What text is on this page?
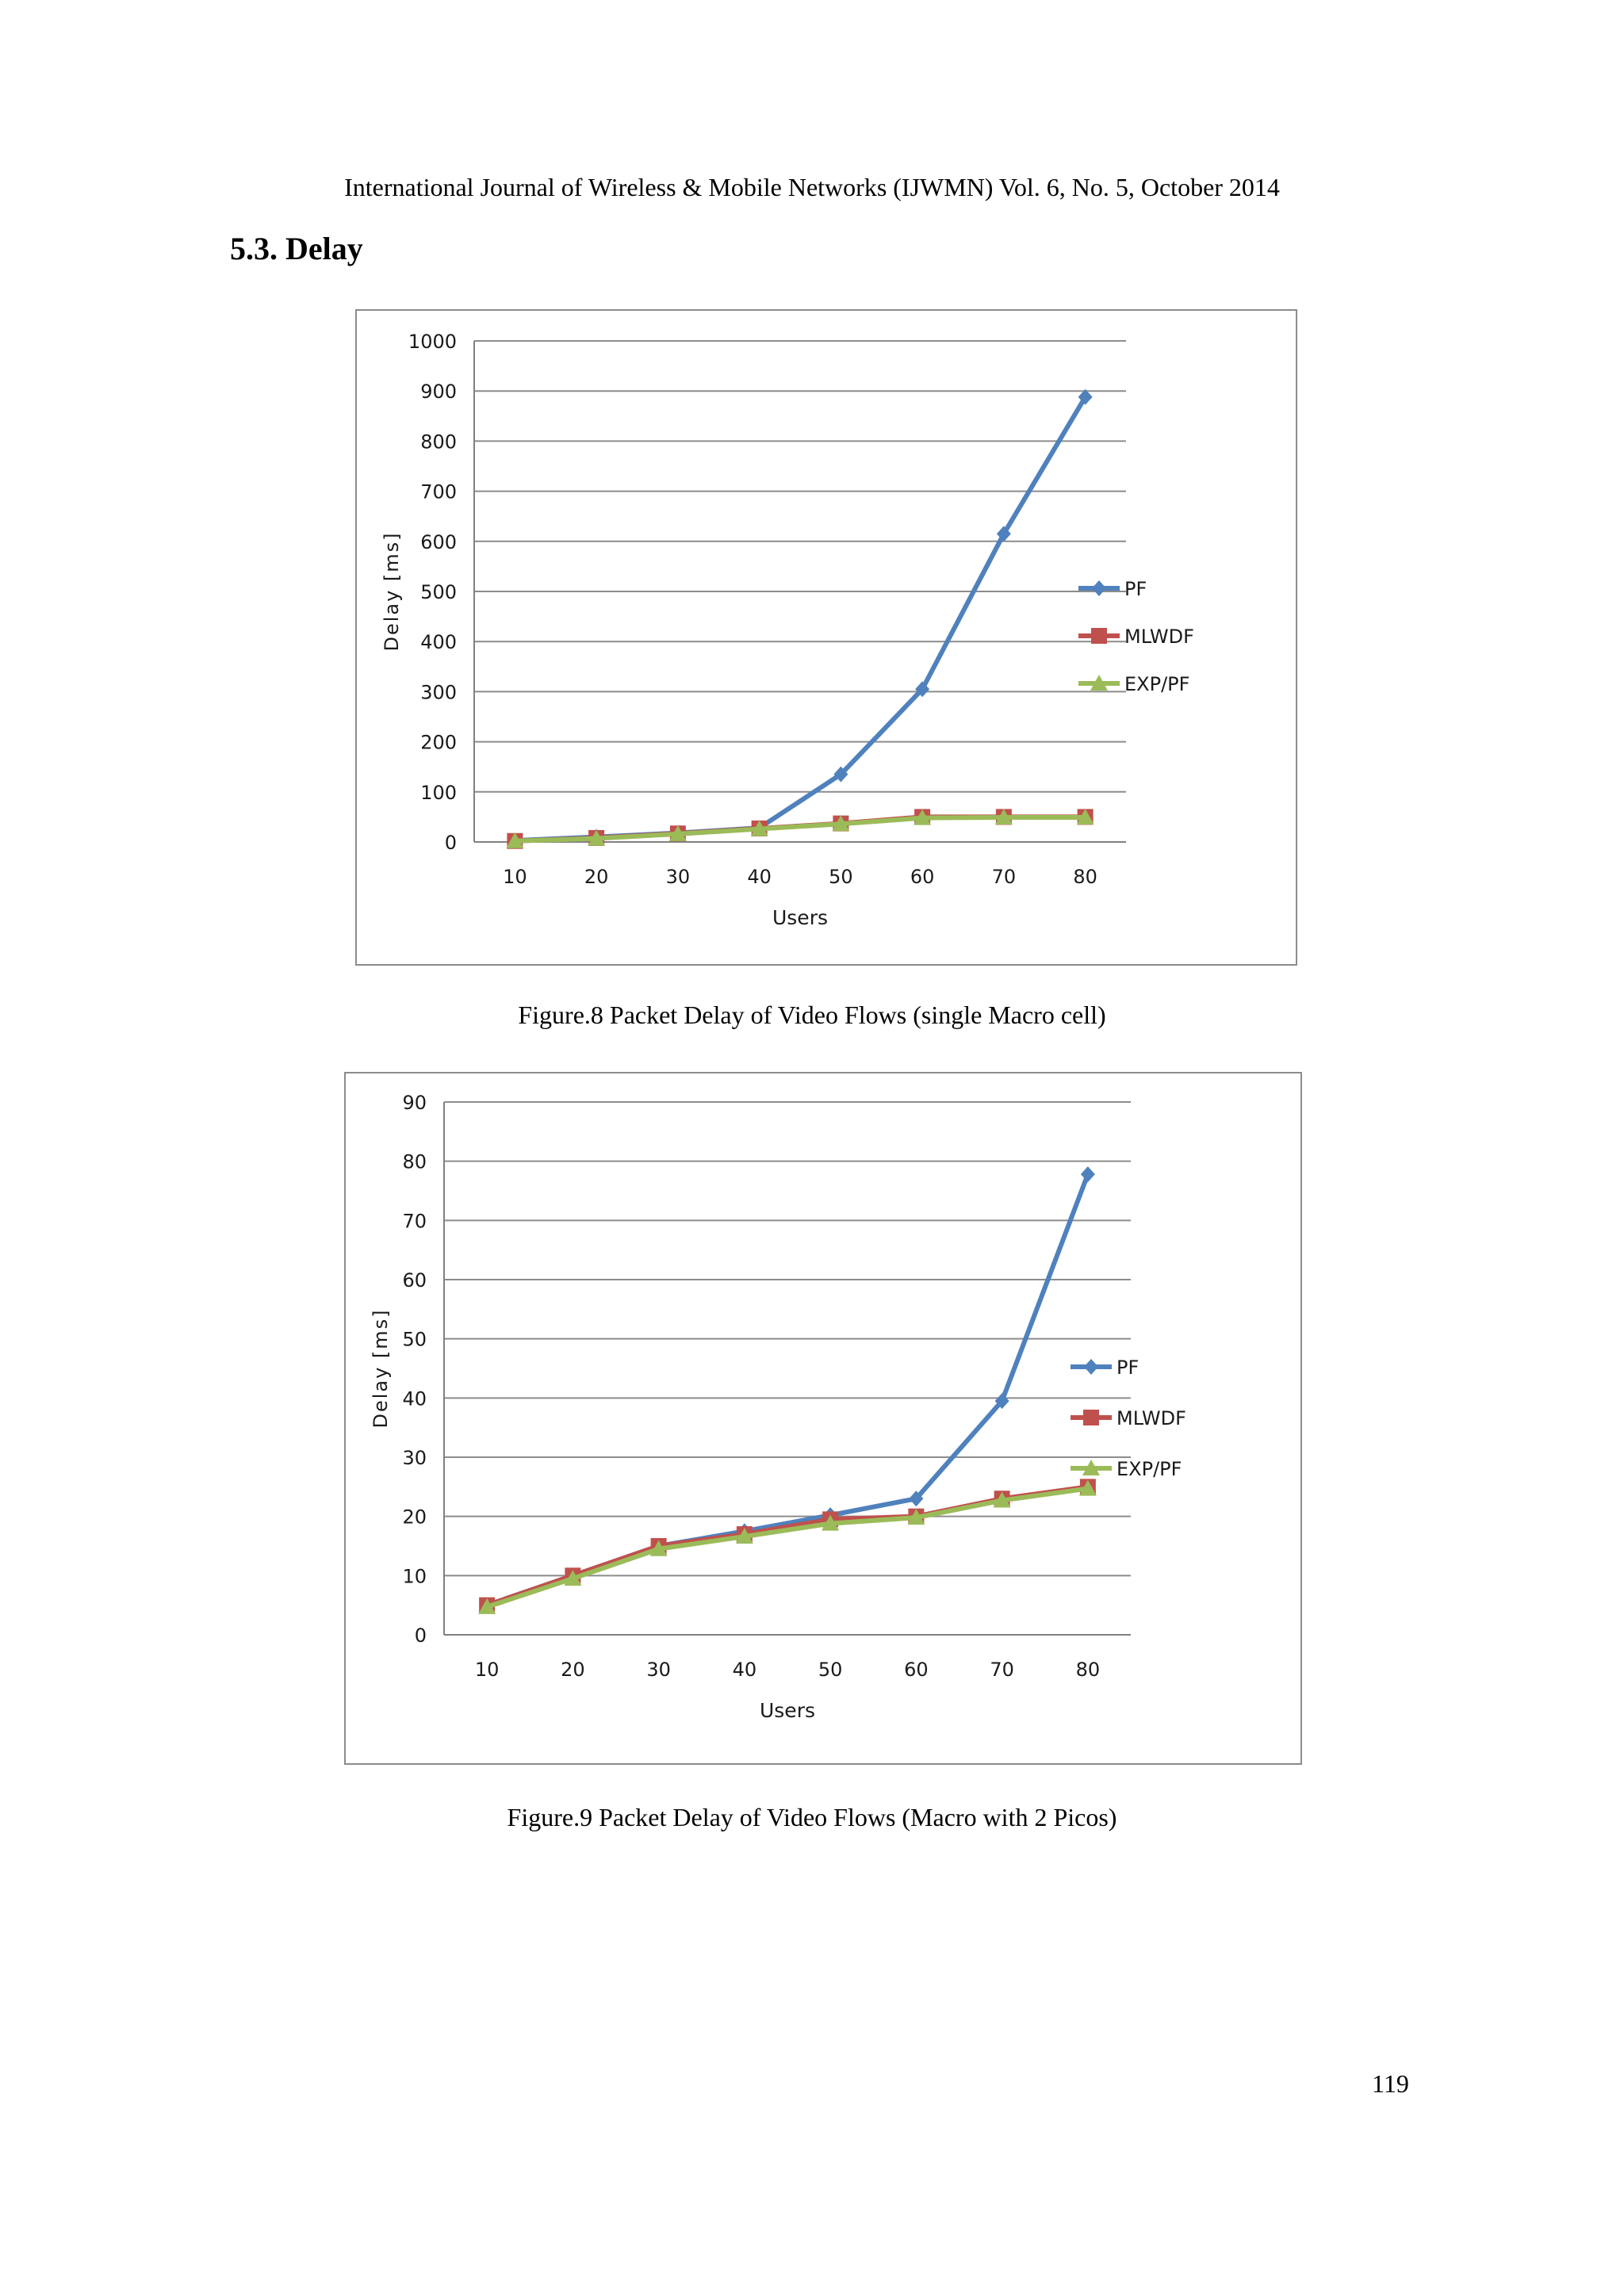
International Journal of Wireless & Mobile Networks (IJWMN) Vol. 6, No. 5, October 2014
5.3. Delay
0
100
200
300
400
500
600
700
800
900
1000
10	20	30	40	50	60	70	80
Users
Delay [ms]	PF
MLWDF
EXP/PF
Figure.8 Packet Delay of Video Flows (single Macro cell)
0
10
20
30
40
50
60
70
80
90
10	20	30	40	50	60	70	80
Users
Delay [ms]	PF
MLWDF
EXP/PF
Figure.9 Packet Delay of Video Flows (Macro with 2 Picos)
119
